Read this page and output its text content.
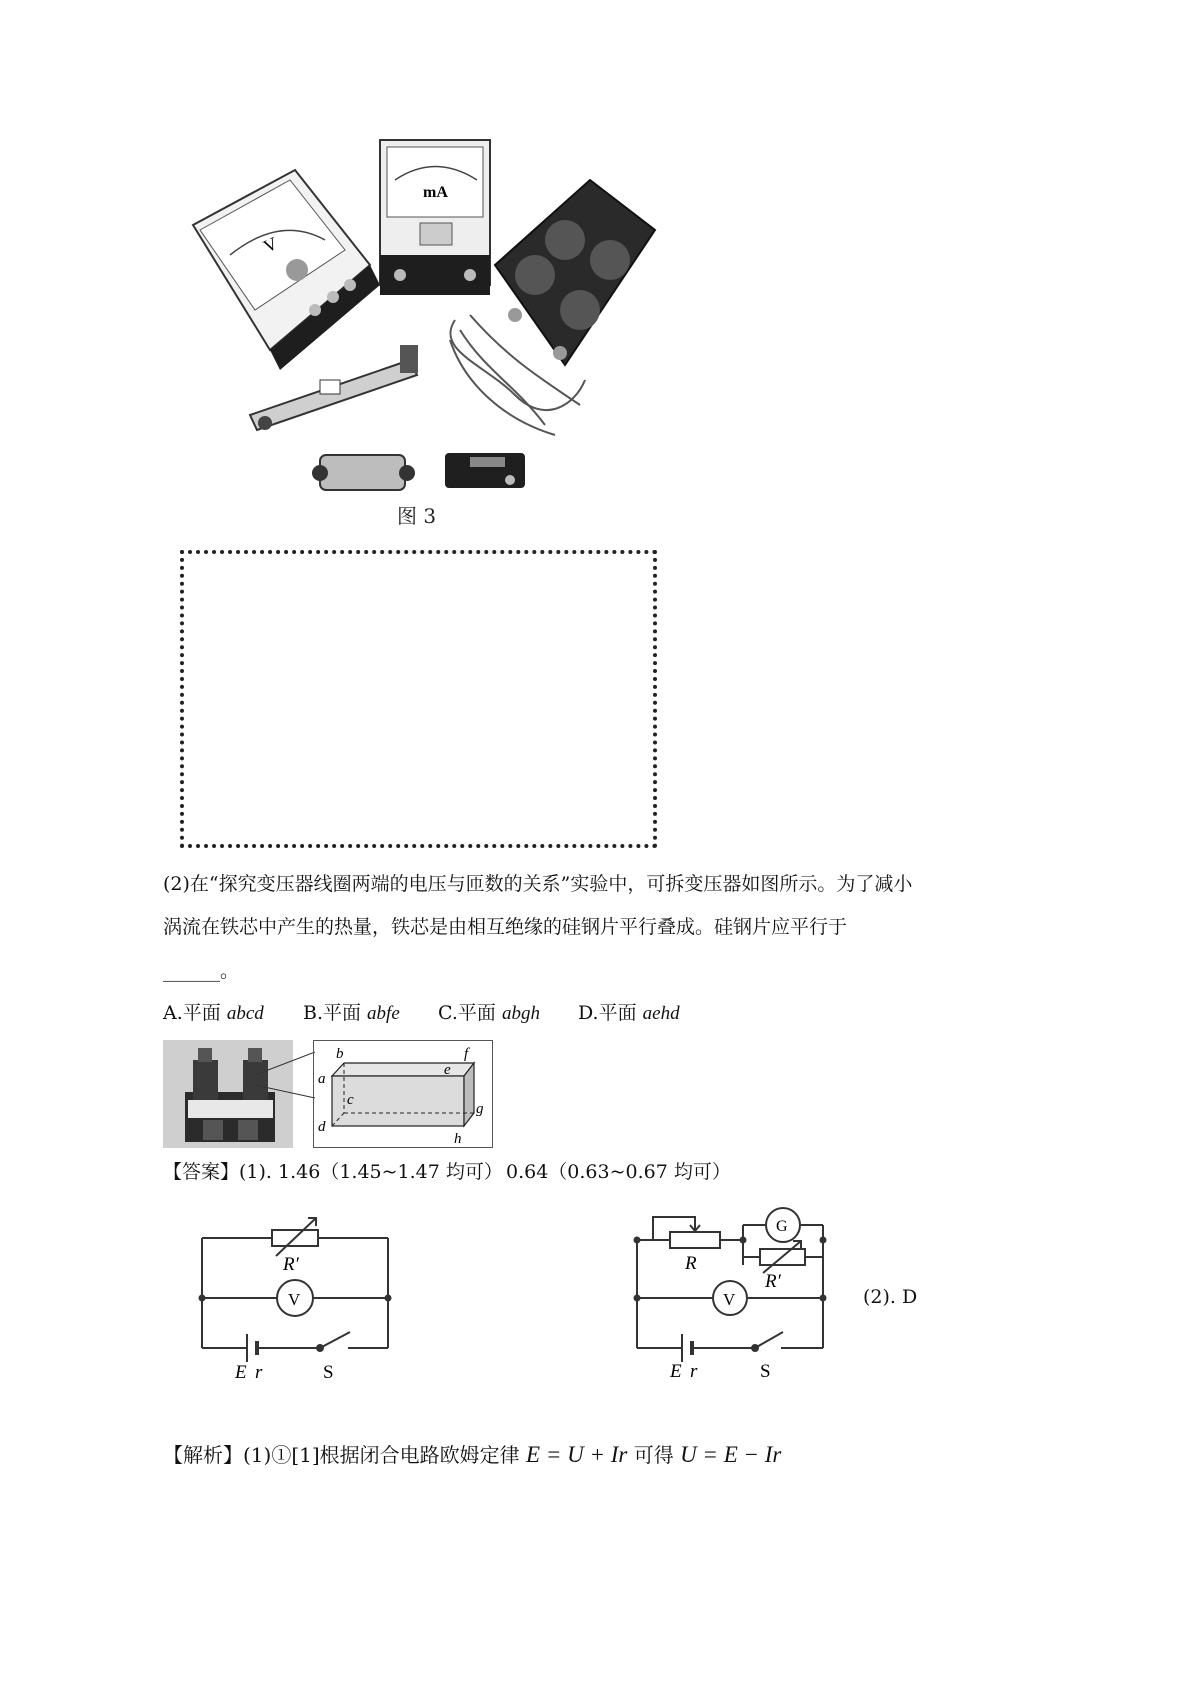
V
mA
图 3
(2)在“探究变压器线圈两端的电压与匝数的关系”实验中，可拆变压器如图所示。为了减小
涡流在铁芯中产生的热量，铁芯是由相互绝缘的硅钢片平行叠成。硅钢片应平行于
______。
A.平面 abcd B.平面 abfe C.平面 abgh D.平面 aehd
b	f
a
e
c
g
d
h
【答案】(1). 1.46（1.45~1.47 均可） 0.64（0.63~0.67 均可）
R′
V
E r	S
G
R
R′
V
E r	S
(2). D
【解析】(1)①[1]根据闭合电路欧姆定律 E = U + Ir 可得 U = E − Ir
